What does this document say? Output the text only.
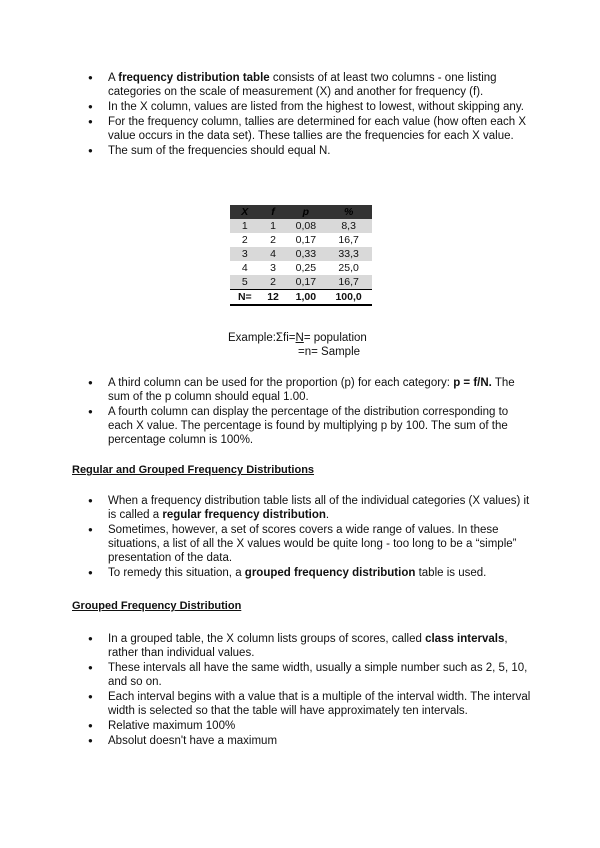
● A frequency distribution table consists of at least two columns - one listing categories on the scale of measurement (X) and another for frequency (f).
● In the X column, values are listed from the highest to lowest, without skipping any.
● For the frequency column, tallies are determined for each value (how often each X value occurs in the data set). These tallies are the frequencies for each X value.
● The sum of the frequencies should equal N.
X	f	p	%
1	1	0,08	8,3
2	2	0,17	16,7
3	4	0,33	33,3
4	3	0,25	25,0
5	2	0,17	16,7
N=	12	1,00	100,0
Example:Σfi=N= population
=n= Sample
● A third column can be used for the proportion (p) for each category: p = f/N. The sum of the p column should equal 1.00.
● A fourth column can display the percentage of the distribution corresponding to each X value. The percentage is found by multiplying p by 100. The sum of the percentage column is 100%.
Regular and Grouped Frequency Distributions
● When a frequency distribution table lists all of the individual categories (X values) it is called a regular frequency distribution.
● Sometimes, however, a set of scores covers a wide range of values. In these situations, a list of all the X values would be quite long - too long to be a “simple” presentation of the data.
● To remedy this situation, a grouped frequency distribution table is used.
Grouped Frequency Distribution
● In a grouped table, the X column lists groups of scores, called class intervals, rather than individual values.
● These intervals all have the same width, usually a simple number such as 2, 5, 10, and so on.
● Each interval begins with a value that is a multiple of the interval width. The interval width is selected so that the table will have approximately ten intervals.
● Relative maximum 100%
● Absolut doesn't have a maximum
